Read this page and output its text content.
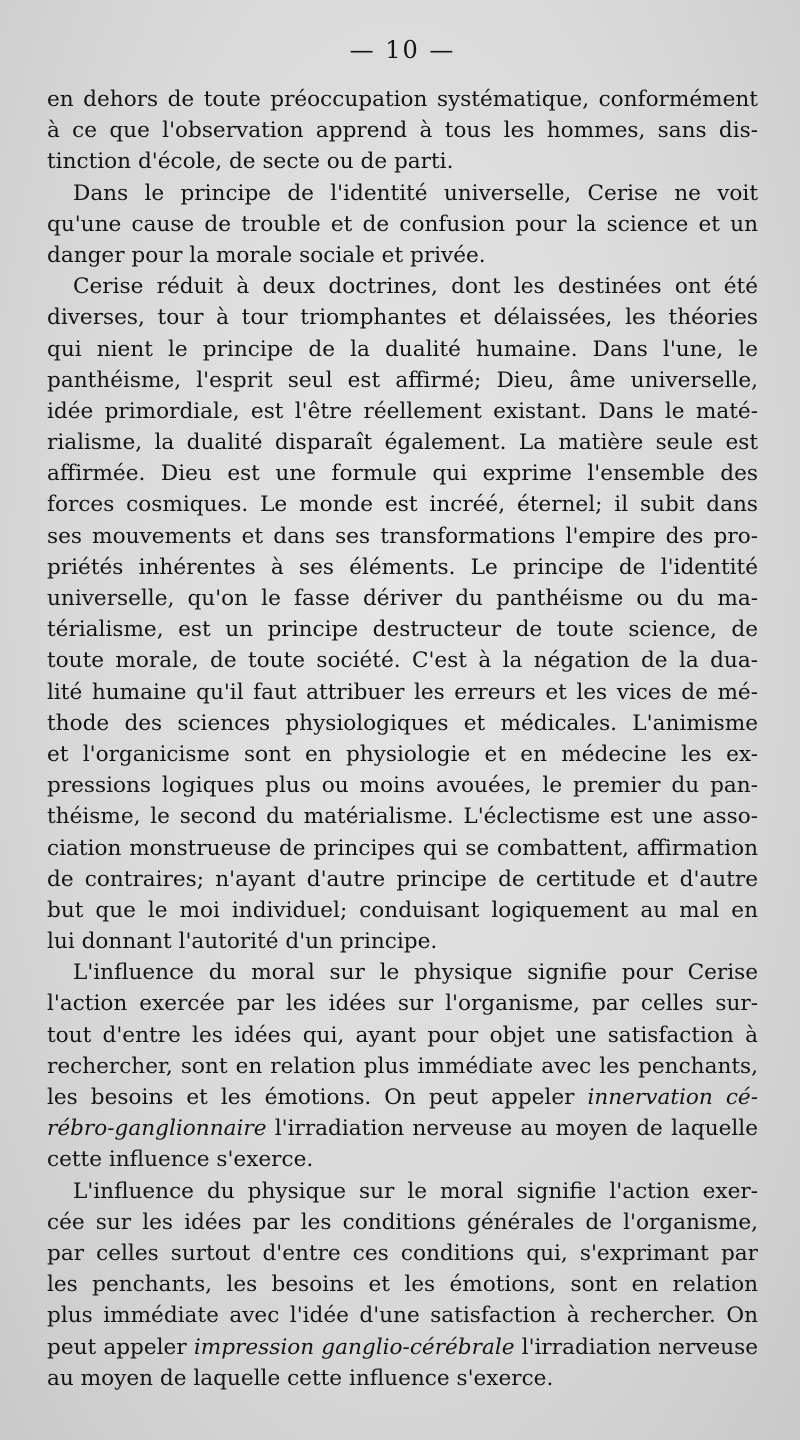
— 10 —
en dehors de toute préoccupation systématique, conformément
à ce que l'observation apprend à tous les hommes, sans dis-
tinction d'école, de secte ou de parti.
Dans le principe de l'identité universelle, Cerise ne voit
qu'une cause de trouble et de confusion pour la science et un
danger pour la morale sociale et privée.
Cerise réduit à deux doctrines, dont les destinées ont été
diverses, tour à tour triomphantes et délaissées, les théories
qui nient le principe de la dualité humaine. Dans l'une, le
panthéisme, l'esprit seul est affirmé; Dieu, âme universelle,
idée primordiale, est l'être réellement existant. Dans le maté-
rialisme, la dualité disparaît également. La matière seule est
affirmée. Dieu est une formule qui exprime l'ensemble des
forces cosmiques. Le monde est incréé, éternel; il subit dans
ses mouvements et dans ses transformations l'empire des pro-
priétés inhérentes à ses éléments. Le principe de l'identité
universelle, qu'on le fasse dériver du panthéisme ou du ma-
térialisme, est un principe destructeur de toute science, de
toute morale, de toute société. C'est à la négation de la dua-
lité humaine qu'il faut attribuer les erreurs et les vices de mé-
thode des sciences physiologiques et médicales. L'animisme
et l'organicisme sont en physiologie et en médecine les ex-
pressions logiques plus ou moins avouées, le premier du pan-
théisme, le second du matérialisme. L'éclectisme est une asso-
ciation monstrueuse de principes qui se combattent, affirmation
de contraires; n'ayant d'autre principe de certitude et d'autre
but que le moi individuel; conduisant logiquement au mal en
lui donnant l'autorité d'un principe.
L'influence du moral sur le physique signifie pour Cerise
l'action exercée par les idées sur l'organisme, par celles sur-
tout d'entre les idées qui, ayant pour objet une satisfaction à
rechercher, sont en relation plus immédiate avec les penchants,
les besoins et les émotions. On peut appeler innervation cé-
rébro-ganglionnaire l'irradiation nerveuse au moyen de laquelle
cette influence s'exerce.
L'influence du physique sur le moral signifie l'action exer-
cée sur les idées par les conditions générales de l'organisme,
par celles surtout d'entre ces conditions qui, s'exprimant par
les penchants, les besoins et les émotions, sont en relation
plus immédiate avec l'idée d'une satisfaction à rechercher. On
peut appeler impression ganglio-cérébrale l'irradiation nerveuse
au moyen de laquelle cette influence s'exerce.
